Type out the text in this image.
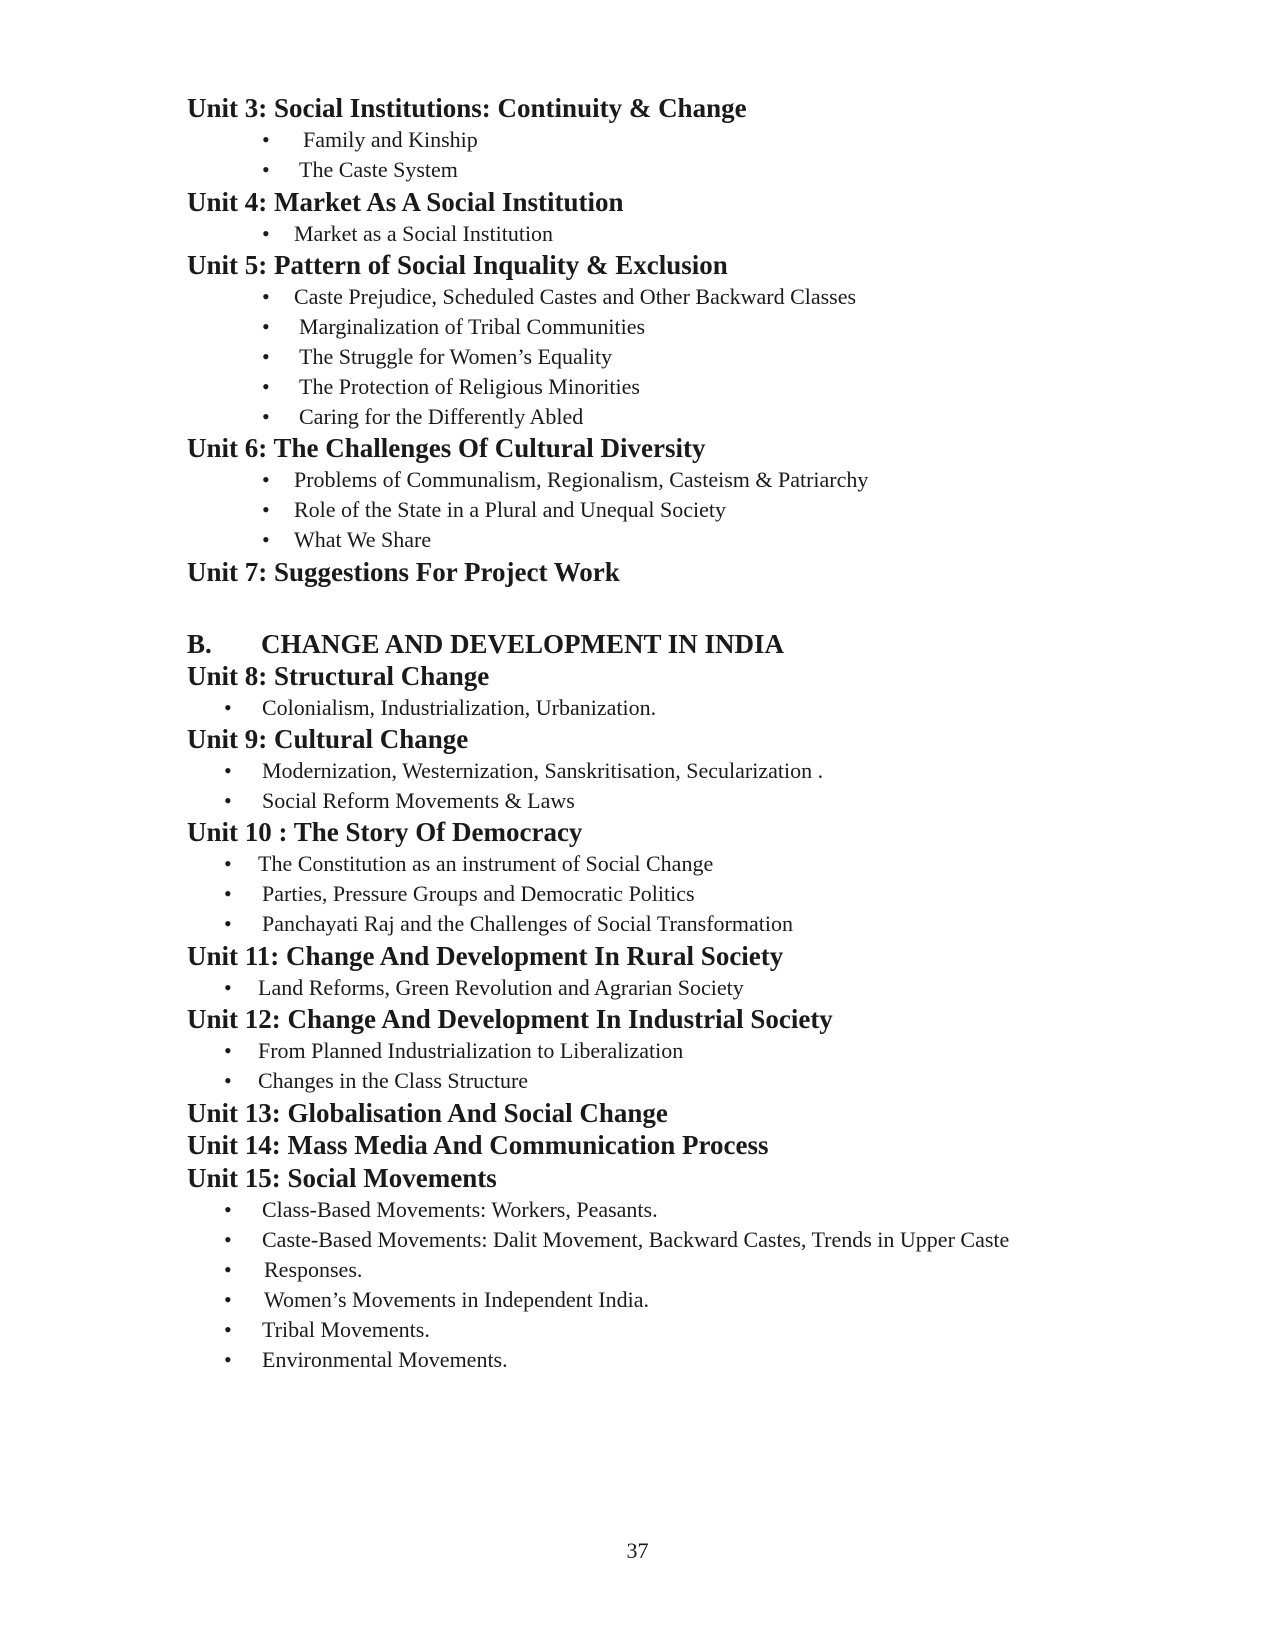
Unit 3: Social Institutions: Continuity & Change
• Family and Kinship
• The Caste System
Unit 4: Market As A Social Institution
• Market as a Social Institution
Unit 5: Pattern of Social Inquality & Exclusion
• Caste Prejudice, Scheduled Castes and Other Backward Classes
• Marginalization of Tribal Communities
• The Struggle for Women’s Equality
• The Protection of Religious Minorities
• Caring for the Differently Abled
Unit 6: The Challenges Of Cultural Diversity
• Problems of Communalism, Regionalism, Casteism & Patriarchy
• Role of the State in a Plural and Unequal Society
• What We Share
Unit 7: Suggestions For Project Work
B. CHANGE AND DEVELOPMENT IN INDIA
Unit 8: Structural Change
• Colonialism, Industrialization, Urbanization.
Unit 9: Cultural Change
• Modernization, Westernization, Sanskritisation, Secularization .
• Social Reform Movements & Laws
Unit 10 : The Story Of Democracy
• The Constitution as an instrument of Social Change
• Parties, Pressure Groups and Democratic Politics
• Panchayati Raj and the Challenges of Social Transformation
Unit 11: Change And Development In Rural Society
• Land Reforms, Green Revolution and Agrarian Society
Unit 12: Change And Development In Industrial Society
• From Planned Industrialization to Liberalization
• Changes in the Class Structure
Unit 13: Globalisation And Social Change
Unit 14: Mass Media And Communication Process
Unit 15: Social Movements
• Class-Based Movements: Workers, Peasants.
• Caste-Based Movements: Dalit Movement, Backward Castes, Trends in Upper Caste
• Responses.
• Women’s Movements in Independent India.
• Tribal Movements.
• Environmental Movements.
37
